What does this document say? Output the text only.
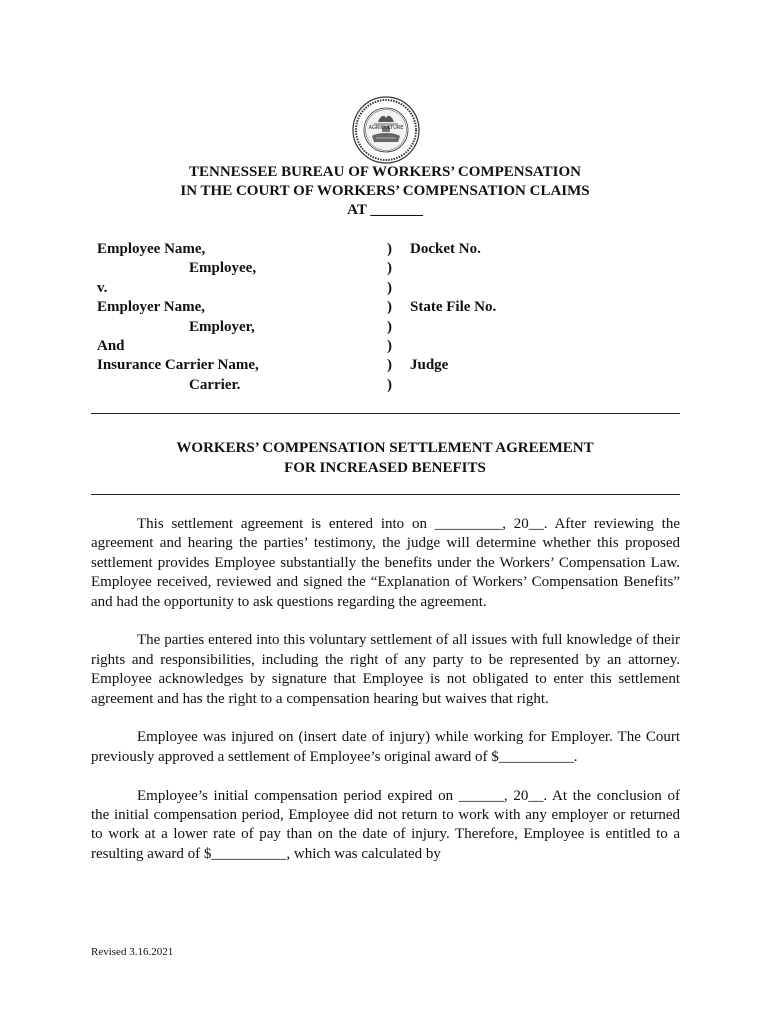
AGRICULTURE
TENNESSEE BUREAU OF WORKERS’ COMPENSATION
IN THE COURT OF WORKERS’ COMPENSATION CLAIMS
AT _______
Employee Name,	) Docket No.
Employee,	)
v.	)
Employer Name,	) State File No.
Employer,	)
And	)
Insurance Carrier Name,	) Judge
Carrier.	)
WORKERS’ COMPENSATION SETTLEMENT AGREEMENT
FOR INCREASED BENEFITS

This settlement agreement is entered into on _________, 20__. After reviewing the agreement and hearing the parties’ testimony, the judge will determine whether this proposed settlement provides Employee substantially the benefits under the Workers’ Compensation Law. Employee received, reviewed and signed the “Explanation of Workers’ Compensation Benefits” and had the opportunity to ask questions regarding the agreement.

The parties entered into this voluntary settlement of all issues with full knowledge of their rights and responsibilities, including the right of any party to be represented by an attorney. Employee acknowledges by signature that Employee is not obligated to enter this settlement agreement and has the right to a compensation hearing but waives that right.

Employee was injured on (insert date of injury) while working for Employer. The Court previously approved a settlement of Employee’s original award of $__________.

Employee’s initial compensation period expired on ______, 20__. At the conclusion of the initial compensation period, Employee did not return to work with any employer or returned to work at a lower rate of pay than on the date of injury. Therefore, Employee is entitled to a resulting award of $__________, which was calculated by

Revised 3.16.2021
